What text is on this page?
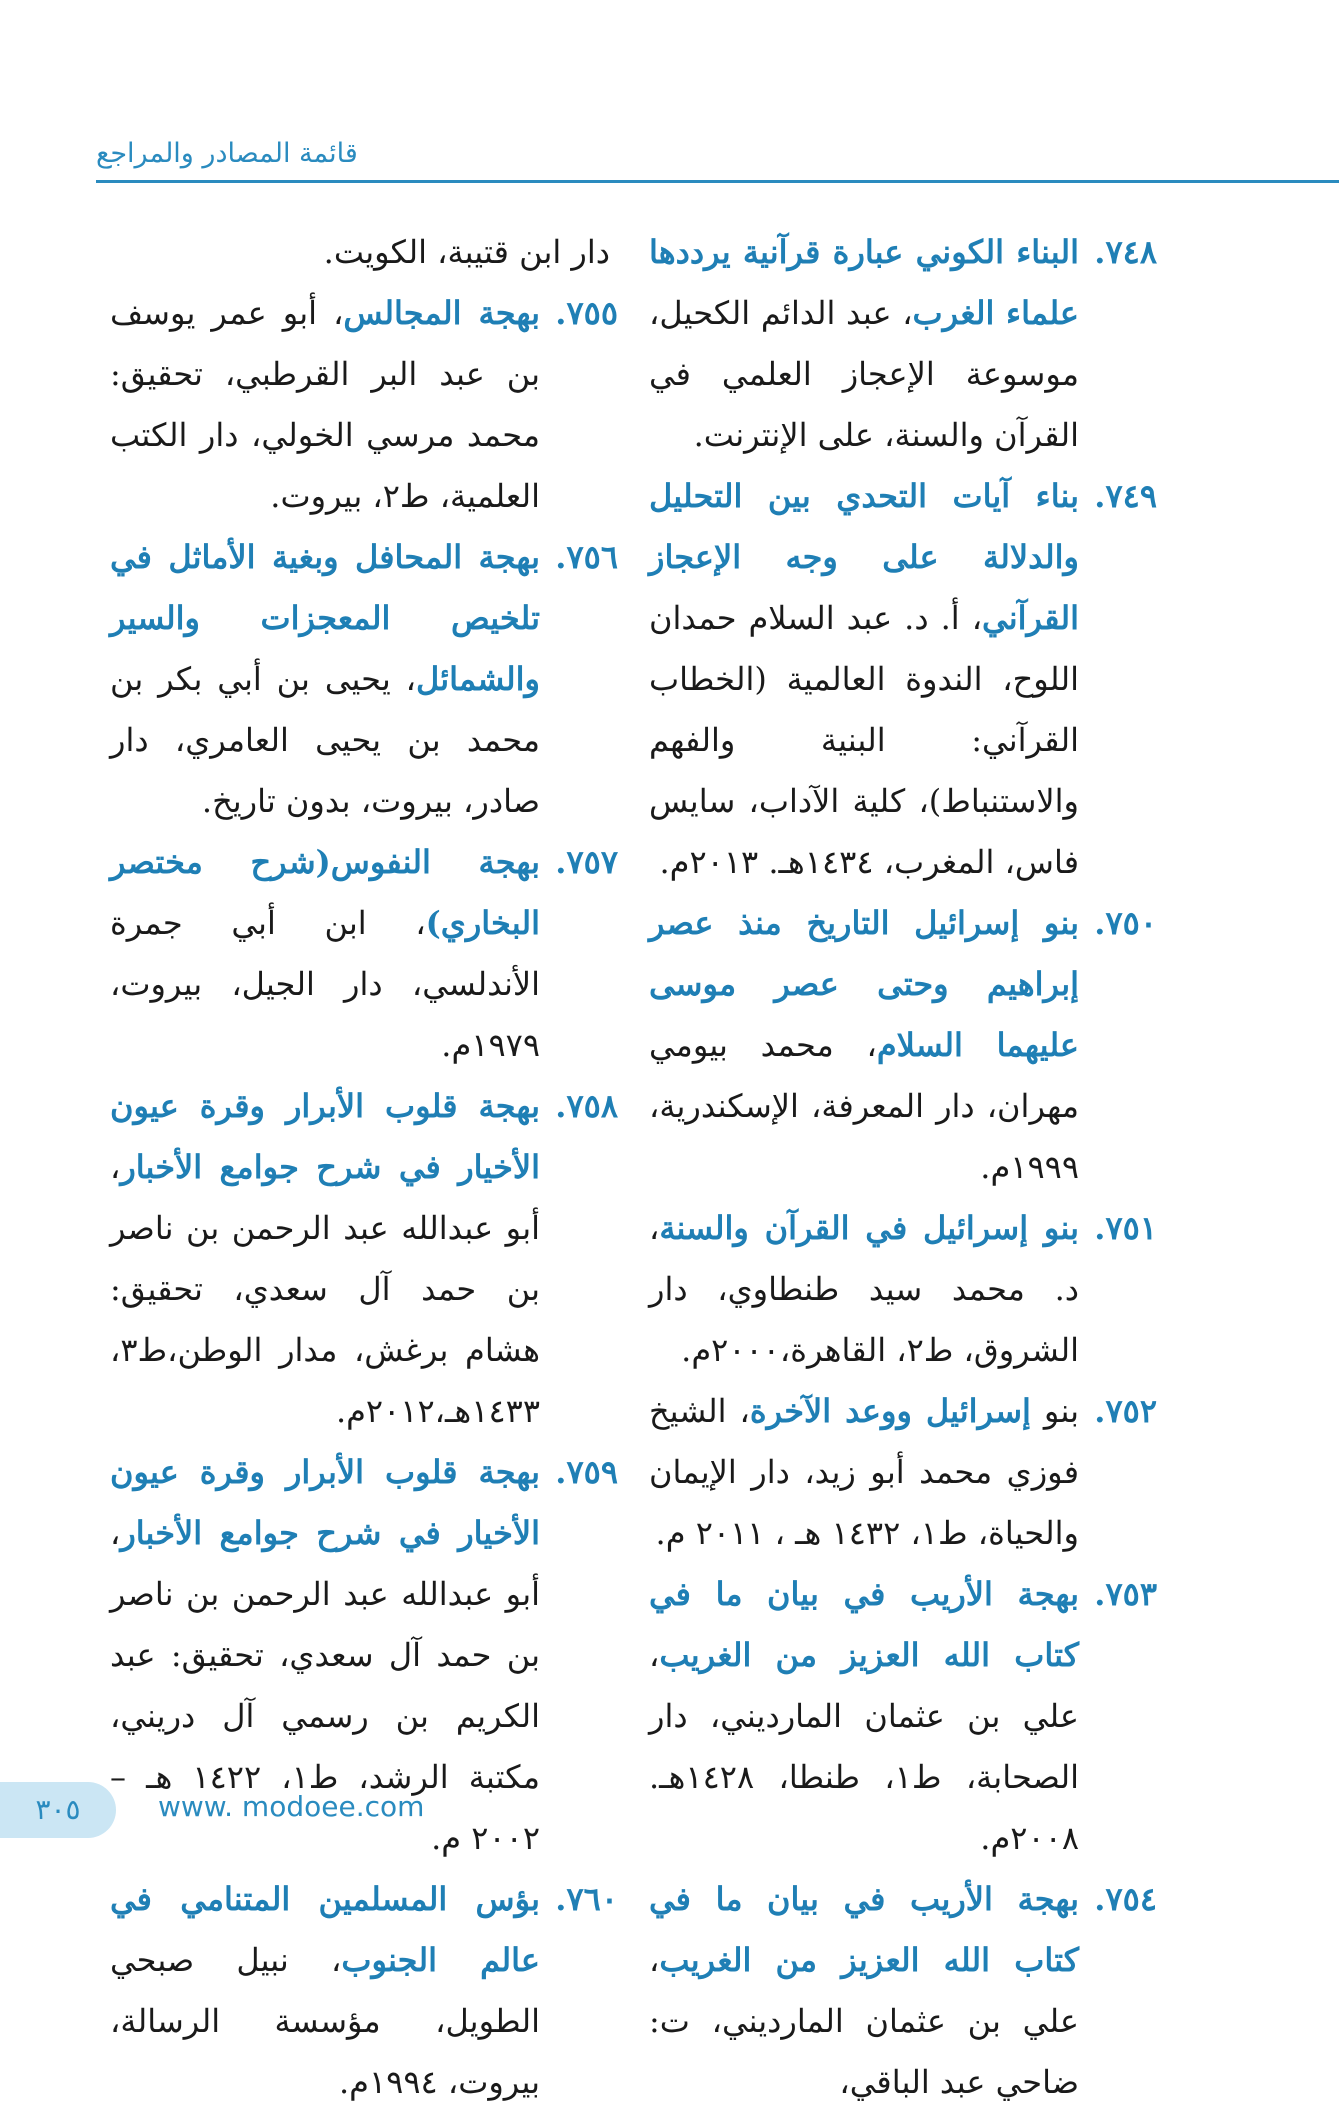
قائمة المصادر والمراجع

٧٤٨.
البناء الكوني عبارة قرآنية يرددها علماء الغرب، عبد الدائم الكحيل، موسوعة الإعجاز العلمي في القرآن والسنة، على الإنترنت.

٧٤٩.
بناء آيات التحدي بين التحليل والدلالة على وجه الإعجاز القرآني، أ. د. عبد السلام حمدان اللوح، الندوة العالمية (الخطاب القرآني: البنية والفهم والاستنباط)، كلية الآداب، سايس فاس، المغرب، ١٤٣٤هـ. ٢٠١٣م.

٧٥٠.
بنو إسرائيل التاريخ منذ عصر إبراهيم وحتى عصر موسى عليهما السلام، محمد بيومي مهران، دار المعرفة، الإسكندرية، ١٩٩٩م.

٧٥١.
بنو إسرائيل في القرآن والسنة، د. محمد سيد طنطاوي، دار الشروق، ط٢، القاهرة،٢٠٠٠م.

٧٥٢.
بنو إسرائيل ووعد الآخرة، الشيخ فوزي محمد أبو زيد، دار الإيمان والحياة، ط١، ١٤٣٢ هـ ، ٢٠١١ م.

٧٥٣.
بهجة الأريب في بيان ما في كتاب الله العزيز من الغريب، علي بن عثمان المارديني، دار الصحابة، ط١، طنطا، ١٤٢٨هـ. ٢٠٠٨م.

٧٥٤.
بهجة الأريب في بيان ما في كتاب الله العزيز من الغريب، علي بن عثمان المارديني، ت: ضاحي عبد الباقي،

دار ابن قتيبة، الكويت.

٧٥٥.
بهجة المجالس، أبو عمر يوسف بن عبد البر القرطبي، تحقيق: محمد مرسي الخولي، دار الكتب العلمية، ط٢، بيروت.

٧٥٦.
بهجة المحافل وبغية الأماثل في تلخيص المعجزات والسير والشمائل، يحيى بن أبي بكر بن محمد بن يحيى العامري، دار صادر، بيروت، بدون تاريخ.

٧٥٧.
بهجة النفوس(شرح مختصر البخاري)، ابن أبي جمرة الأندلسي، دار الجيل، بيروت، ١٩٧٩م.

٧٥٨.
بهجة قلوب الأبرار وقرة عيون الأخيار في شرح جوامع الأخبار، أبو عبدالله عبد الرحمن بن ناصر بن حمد آل سعدي، تحقيق: هشام برغش، مدار الوطن،ط٣، ١٤٣٣هـ،٢٠١٢م.

٧٥٩.
بهجة قلوب الأبرار وقرة عيون الأخيار في شرح جوامع الأخبار، أبو عبدالله عبد الرحمن بن ناصر بن حمد آل سعدي، تحقيق: عبد الكريم بن رسمي آل دريني، مكتبة الرشد، ط١، ١٤٢٢ هـ – ٢٠٠٢ م.

٧٦٠.
بؤس المسلمين المتنامي في عالم الجنوب، نبيل صبحي الطويل، مؤسسة الرسالة، بيروت، ١٩٩٤م.

٣٠٥	www. modoee.com
